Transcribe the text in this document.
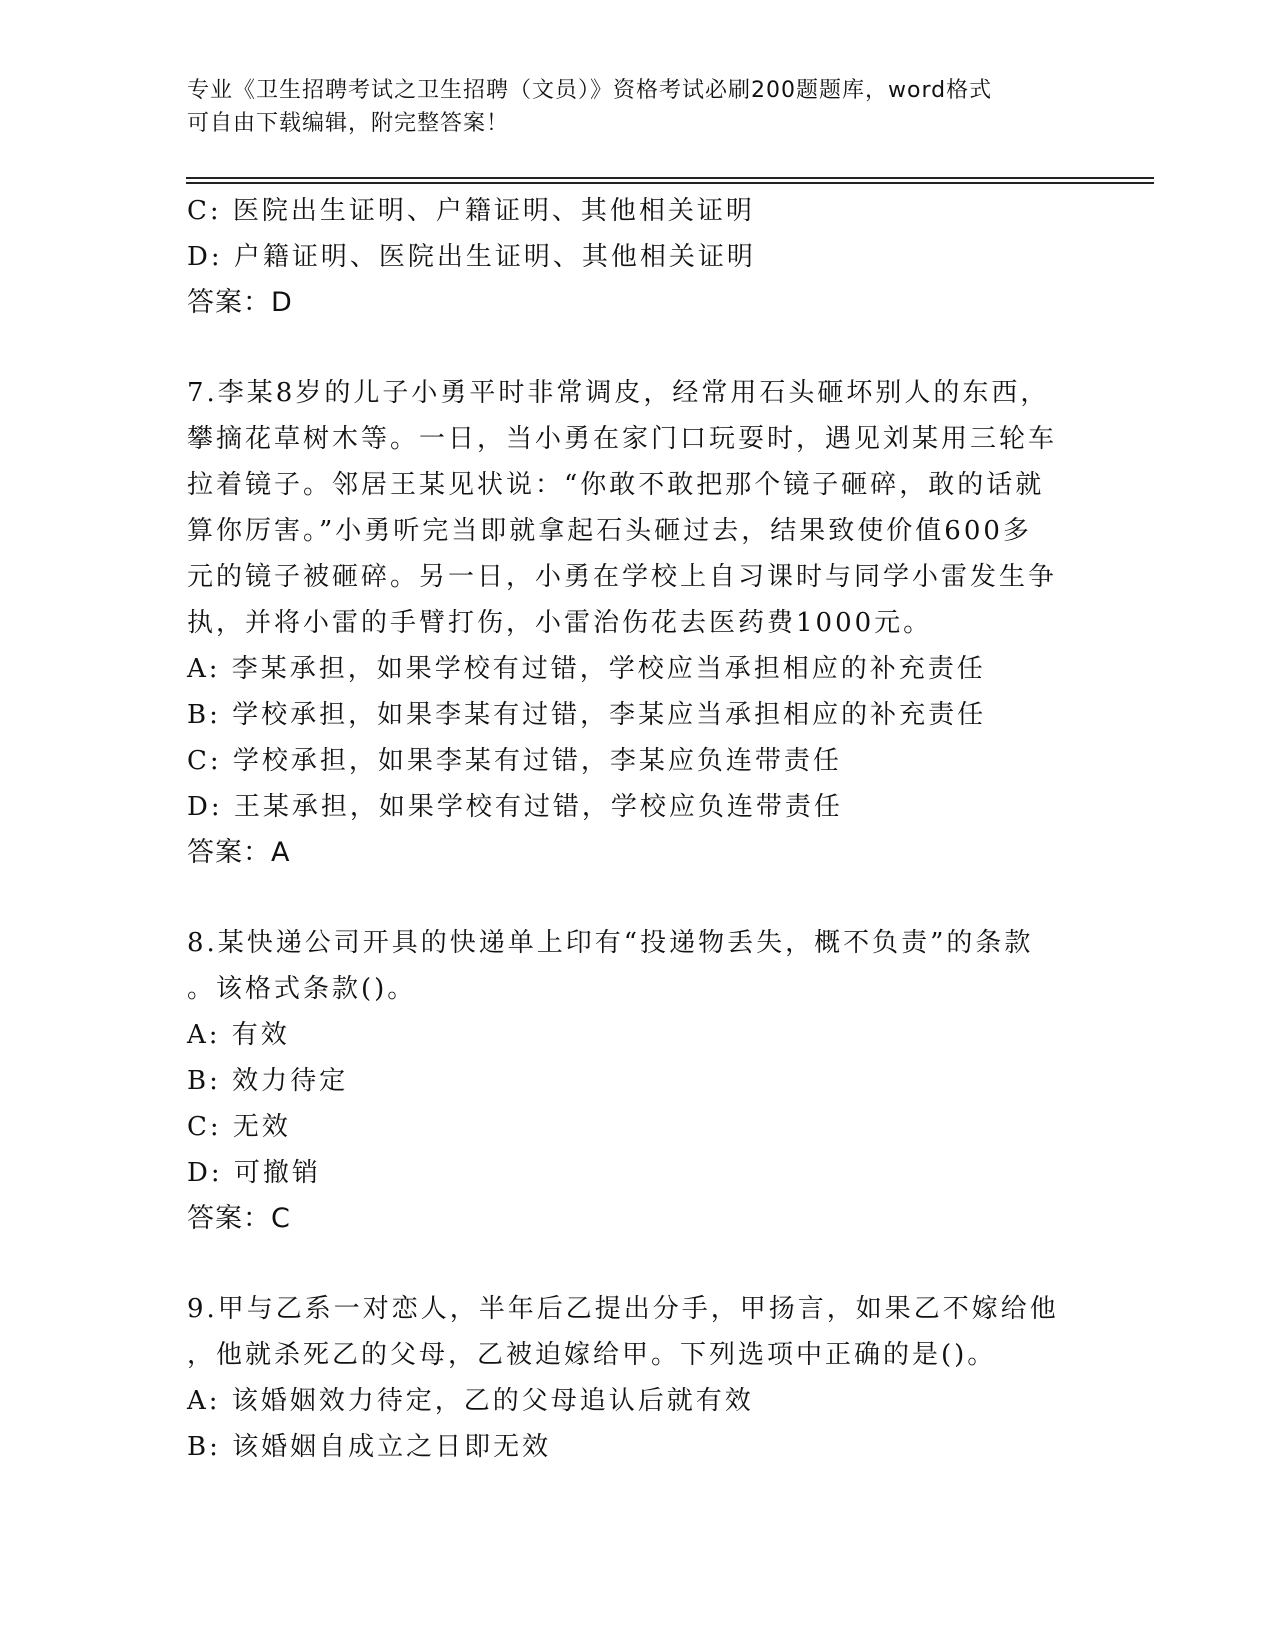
专业《卫生招聘考试之卫生招聘（文员）》资格考试必刷200题题库，word格式
可自由下载编辑，附完整答案！
C: 医院出生证明、户籍证明、其他相关证明
D: 户籍证明、医院出生证明、其他相关证明
答案：D
7.李某8岁的儿子小勇平时非常调皮，经常用石头砸坏别人的东西，
攀摘花草树木等。一日，当小勇在家门口玩耍时，遇见刘某用三轮车
拉着镜子。邻居王某见状说：“你敢不敢把那个镜子砸碎，敢的话就
算你厉害。”小勇听完当即就拿起石头砸过去，结果致使价值600多
元的镜子被砸碎。另一日，小勇在学校上自习课时与同学小雷发生争
执，并将小雷的手臂打伤，小雷治伤花去医药费1000元。
A: 李某承担，如果学校有过错，学校应当承担相应的补充责任
B: 学校承担，如果李某有过错，李某应当承担相应的补充责任
C: 学校承担，如果李某有过错，李某应负连带责任
D: 王某承担，如果学校有过错，学校应负连带责任
答案：A
8.某快递公司开具的快递单上印有“投递物丢失，概不负责”的条款
。该格式条款()。
A: 有效
B: 效力待定
C: 无效
D: 可撤销
答案：C
9.甲与乙系一对恋人，半年后乙提出分手，甲扬言，如果乙不嫁给他
，他就杀死乙的父母，乙被迫嫁给甲。下列选项中正确的是()。
A: 该婚姻效力待定，乙的父母追认后就有效
B: 该婚姻自成立之日即无效
